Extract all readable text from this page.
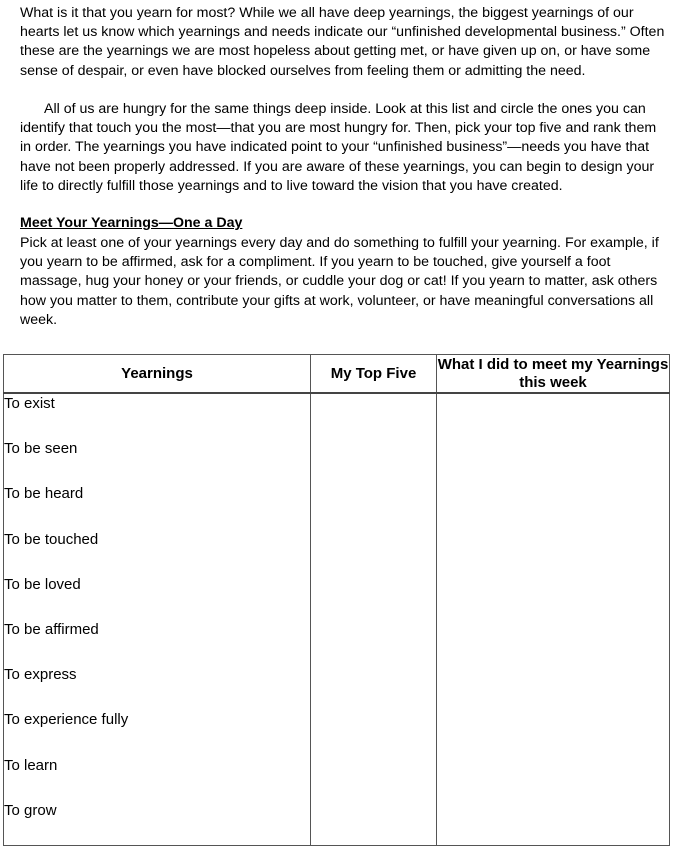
What is it that you yearn for most? While we all have deep yearnings, the biggest yearnings of our hearts let us know which yearnings and needs indicate our “unfinished developmental business.” Often these are the yearnings we are most hopeless about getting met, or have given up on, or have some sense of despair, or even have blocked ourselves from feeling them or admitting the need.

All of us are hungry for the same things deep inside. Look at this list and circle the ones you can identify that touch you the most—that you are most hungry for. Then, pick your top five and rank them in order. The yearnings you have indicated point to your “unfinished business”—needs you have that have not been properly addressed. If you are aware of these yearnings, you can begin to design your life to directly fulfill those yearnings and to live toward the vision that you have created.

Meet Your Yearnings—One a Day

Pick at least one of your yearnings every day and do something to fulfill your yearning. For example, if you yearn to be affirmed, ask for a compliment. If you yearn to be touched, give yourself a foot massage, hug your honey or your friends, or cuddle your dog or cat! If you yearn to matter, ask others how you matter to them, contribute your gifts at work, volunteer, or have meaningful conversations all week.

Yearnings	My Top Five	What I did to meet my Yearnings this week

To exist		

To be seen		

To be heard		

To be touched		

To be loved		

To be affirmed		

To express		

To experience fully		

To learn		

To grow		
